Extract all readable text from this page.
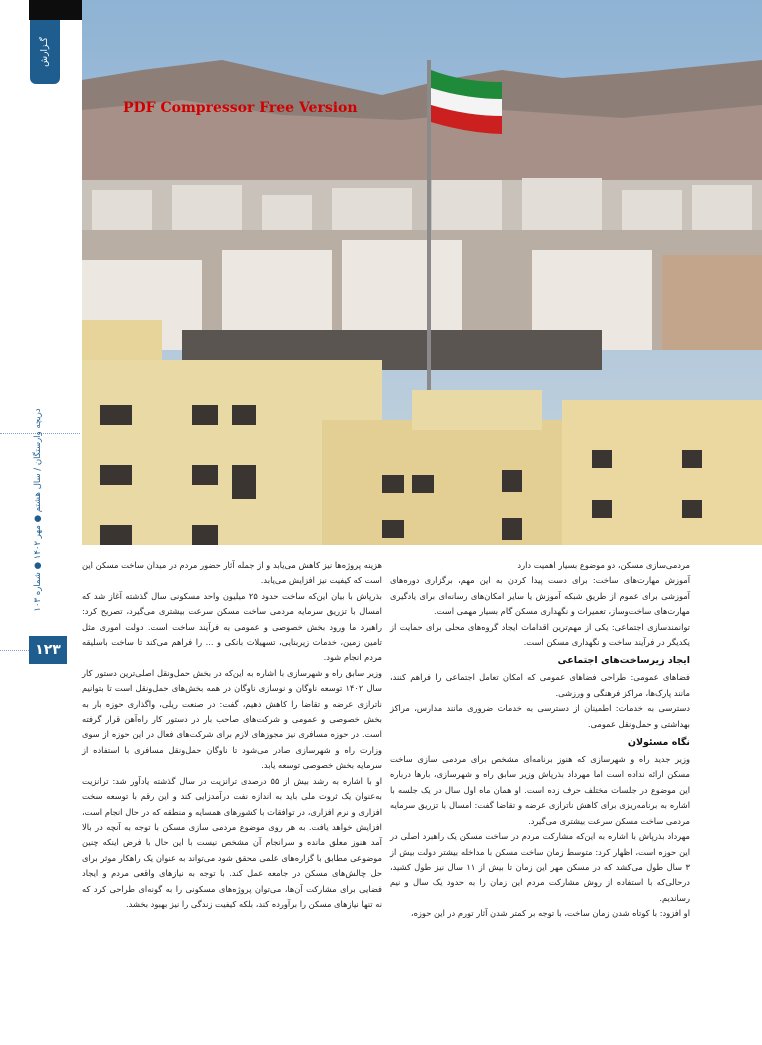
گـزارش
دریچه وارستگان / سال هشتم ● مهر ۱۴۰۲ ● شماره ۱۰۳
۱۲۳
PDF Compressor Free Version

مردمی‌سازی مسکن، دو موضوع بسیار اهمیت دارد

آموزش مهارت‌های ساخت: برای دست پیدا کردن به این مهم، برگزاری دوره‌های آموزشی برای عموم از طریق شبکه آموزش یا سایر امکان‌های رسانه‌ای برای یادگیری مهارت‌های ساخت‌وساز، تعمیرات و نگهداری مسکن گام بسیار مهمی است.

توانمندسازی اجتماعی: یکی از مهم‌ترین اقدامات ایجاد گروه‌های محلی برای حمایت از یکدیگر در فرآیند ساخت و نگهداری مسکن است.

ایجاد زیرساخت‌های اجتماعی

فضاهای عمومی: طراحی فضاهای عمومی که امکان تعامل اجتماعی را فراهم کنند، مانند پارک‌ها، مراکز فرهنگی و ورزشی.

دسترسی به خدمات: اطمینان از دسترسی به خدمات ضروری مانند مدارس، مراکز بهداشتی و حمل‌ونقل عمومی.

نگاه مسئولان

وزیر جدید راه و شهرسازی که هنوز برنامه‌ای مشخص برای مردمی سازی ساخت مسکن ارائه نداده است اما مهرداد بذرپاش وزیر سابق راه و شهرسازی، بارها درباره این موضوع در جلسات مختلف حرف زده است. او همان ماه اول سال در یک جلسه با اشاره به برنامه‌ریزی برای کاهش ناترازی عرضه و تقاضا گفت: امسال با تزریق سرمایه مردمی ساخت مسکن سرعت بیشتری می‌گیرد.

مهرداد بذرپاش با اشاره به این‌که مشارکت مردم در ساخت مسکن یک راهبرد اصلی در این حوزه است، اظهار کرد: متوسط زمان ساخت مسکن با مداخله بیشتر دولت بیش از ۳ سال طول می‌کشد که در مسکن مهر این زمان تا بیش از ۱۱ سال نیز طول کشید، درحالی‌که با استفاده از روش مشارکت مردم این زمان را به حدود یک سال و نیم رساندیم.

او افزود: با کوتاه شدن زمان ساخت، با توجه بر کمتر شدن آثار تورم در این حوزه،

هزینه پروژه‌ها نیز کاهش می‌یابد و از جمله آثار حضور مردم در میدان ساخت مسکن این است که کیفیت نیز افزایش می‌یابد.

بذرپاش با بیان این‌که ساخت حدود ۲۵ میلیون واحد مسکونی سال گذشته آغاز شد که امسال با تزریق سرمایه مردمی ساخت مسکن سرعت بیشتری می‌گیرد، تصریح کرد: راهبرد ما ورود بخش خصوصی و عمومی به فرآیند ساخت است. دولت اموری مثل تامین زمین، خدمات زیربنایی، تسهیلات بانکی و ... را فراهم می‌کند تا ساخت باسلیقه مردم انجام شود.

وزیر سابق راه و شهرسازی با اشاره به این‌که در بخش حمل‌ونقل اصلی‌ترین دستور کار سال ۱۴۰۲ توسعه ناوگان و نوسازی ناوگان در همه بخش‌های حمل‌ونقل است تا بتوانیم ناترازی عرضه و تقاضا را کاهش دهیم، گفت: در صنعت ریلی، واگذاری حوزه بار به بخش خصوصی و عمومی و شرکت‌های صاحب بار در دستور کار راه‌آهن قرار گرفته است. در حوزه مسافری نیز مجوزهای لازم برای شرکت‌های فعال در این حوزه از سوی وزارت راه و شهرسازی صادر می‌شود تا ناوگان حمل‌ونقل مسافری با استفاده از سرمایه بخش خصوصی توسعه یابد.

او با اشاره به رشد بیش از ۵۵ درصدی ترانزیت در سال گذشته یادآور شد: ترانزیت به‌عنوان یک ثروت ملی باید به اندازه نفت درآمدزایی کند و این رقم با توسعه سخت افزاری و نرم افزاری، در توافقات با کشورهای همسایه و منطقه که در حال انجام است، افزایش خواهد یافت. به هر روی موضوع مردمی سازی مسکن با توجه به آنچه در بالا آمد هنوز معلق مانده و سرانجام آن مشخص نیست با این حال با فرض اینکه چنین موضوعی مطابق با گزاره‌های علمی محقق شود می‌تواند به عنوان یک راهکار موثر برای حل چالش‌های مسکن در جامعه عمل کند. با توجه به نیازهای واقعی مردم و ایجاد فضایی برای مشارکت آن‌ها، می‌توان پروژه‌های مسکونی را به گونه‌ای طراحی کرد که نه تنها نیازهای مسکن را برآورده کند، بلکه کیفیت زندگی را نیز بهبود بخشد.
